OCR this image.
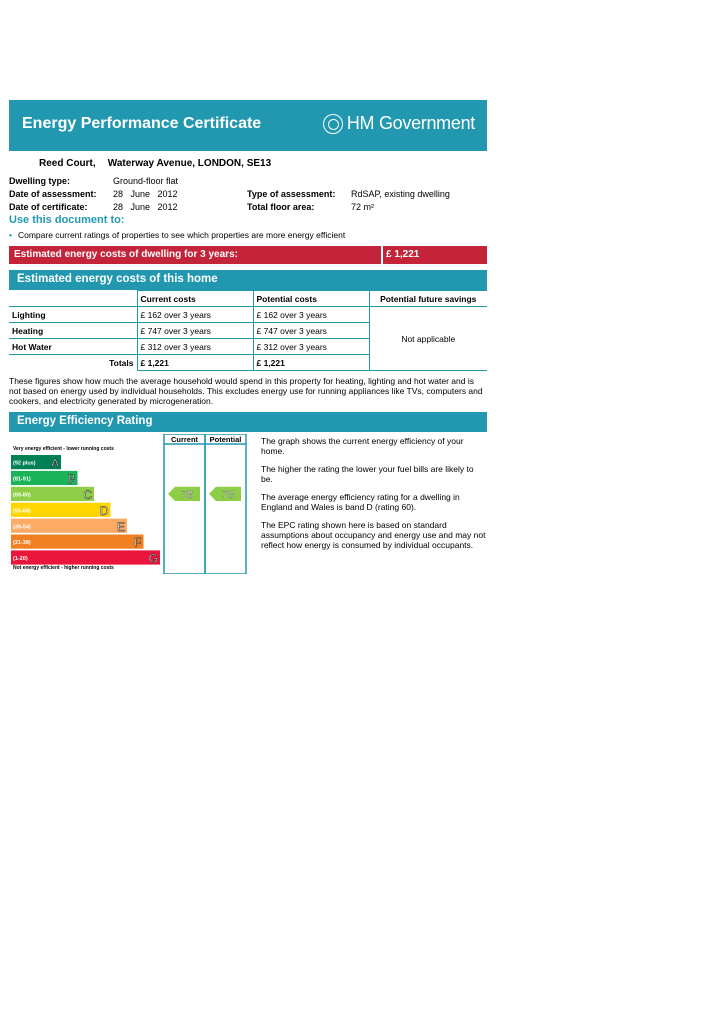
Energy Performance Certificate	HM Government
Reed Court, Waterway Avenue, LONDON, SE13
Dwelling type:	Ground-floor flat
Date of assessment:	28   June   2012	Type of assessment:	RdSAP, existing dwelling
Date of certificate:	28   June   2012	Total floor area:	72 m²
Use this document to:
• Compare current ratings of properties to see which properties are more energy efficient
Estimated energy costs of dwelling for 3 years:	£ 1,221
Estimated energy costs of this home
	Current costs	Potential costs	Potential future savings
Lighting	£ 162 over 3 years	£ 162 over 3 years	Not applicable
Heating	£ 747 over 3 years	£ 747 over 3 years	
Hot Water	£ 312 over 3 years	£ 312 over 3 years	
Totals	£ 1,221	£ 1,221	
These figures show how much the average household would spend in this property for heating, lighting and hot water and is not based on energy used by individual households. This excludes energy use for running appliances like TVs, computers and cookers, and electricity generated by microgeneration.
Energy Efficiency Rating
Current Potential
Very energy efficient - lower running costs
Not energy efficient - higher running costs
(92 plus) A
(81-91)	B
(69-80)	C
(55-68)	D
(39-54)	E
(21-38)	F
(1-20)	G
78	78

The graph shows the current energy efficiency of your home.

The higher the rating the lower your fuel bills are likely to be.

The average energy efficiency rating for a dwelling in England and Wales is band D (rating 60).

The EPC rating shown here is based on standard assumptions about occupancy and energy use and may not reflect how energy is consumed by individual occupants.
